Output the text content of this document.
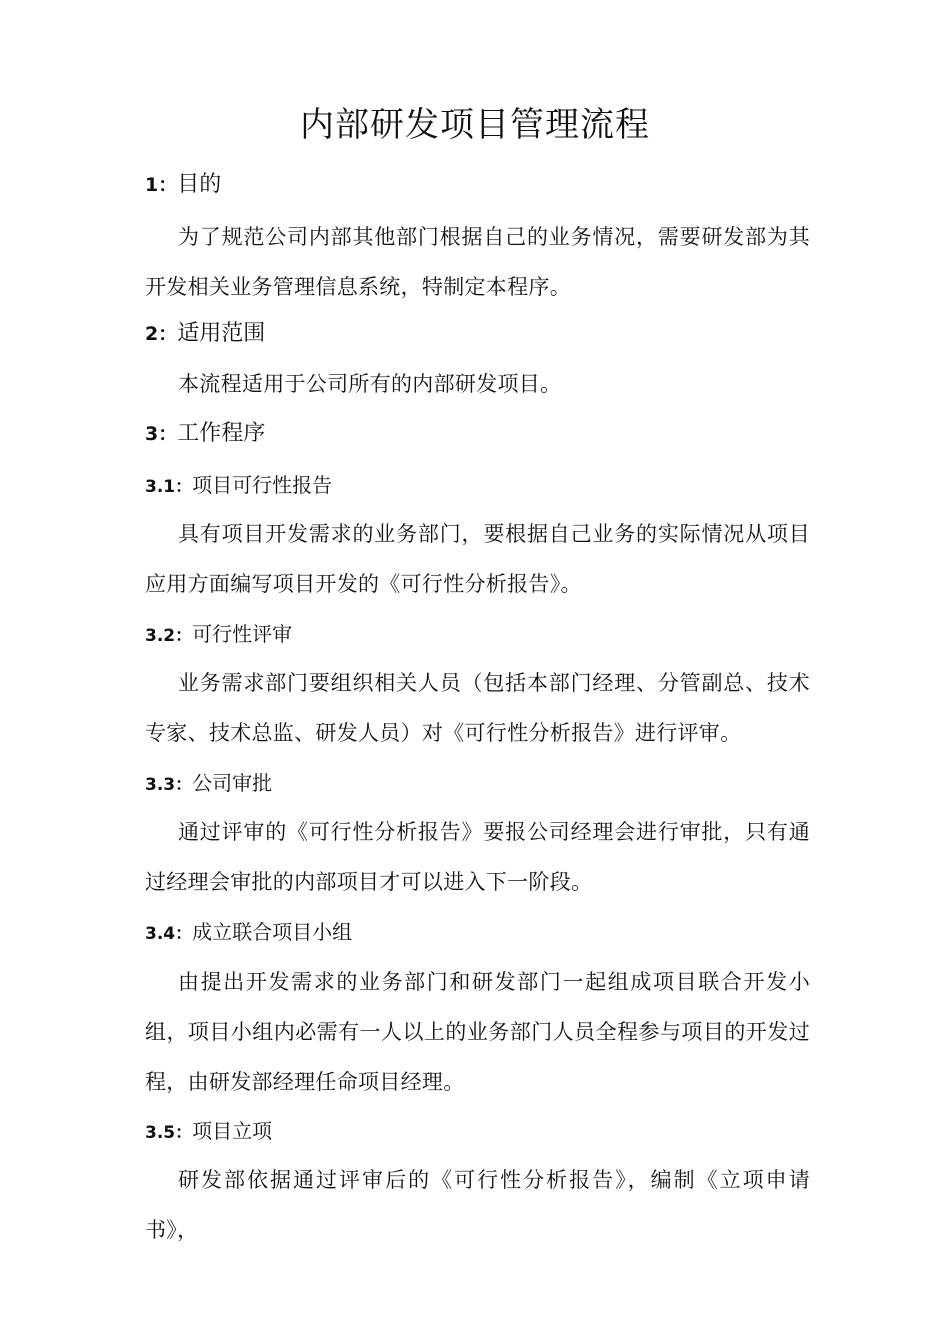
内部研发项目管理流程
1：目的
为了规范公司内部其他部门根据自己的业务情况，需要研发部为其开发相关业务管理信息系统，特制定本程序。
2：适用范围
本流程适用于公司所有的内部研发项目。
3：工作程序
3.1：项目可行性报告
具有项目开发需求的业务部门，要根据自己业务的实际情况从项目应用方面编写项目开发的《可行性分析报告》。
3.2：可行性评审
业务需求部门要组织相关人员（包括本部门经理、分管副总、技术专家、技术总监、研发人员）对《可行性分析报告》进行评审。
3.3：公司审批
通过评审的《可行性分析报告》要报公司经理会进行审批，只有通过经理会审批的内部项目才可以进入下一阶段。
3.4：成立联合项目小组
由提出开发需求的业务部门和研发部门一起组成项目联合开发小组，项目小组内必需有一人以上的业务部门人员全程参与项目的开发过程，由研发部经理任命项目经理。
3.5：项目立项
研发部依据通过评审后的《可行性分析报告》，编制《立项申请书》，
